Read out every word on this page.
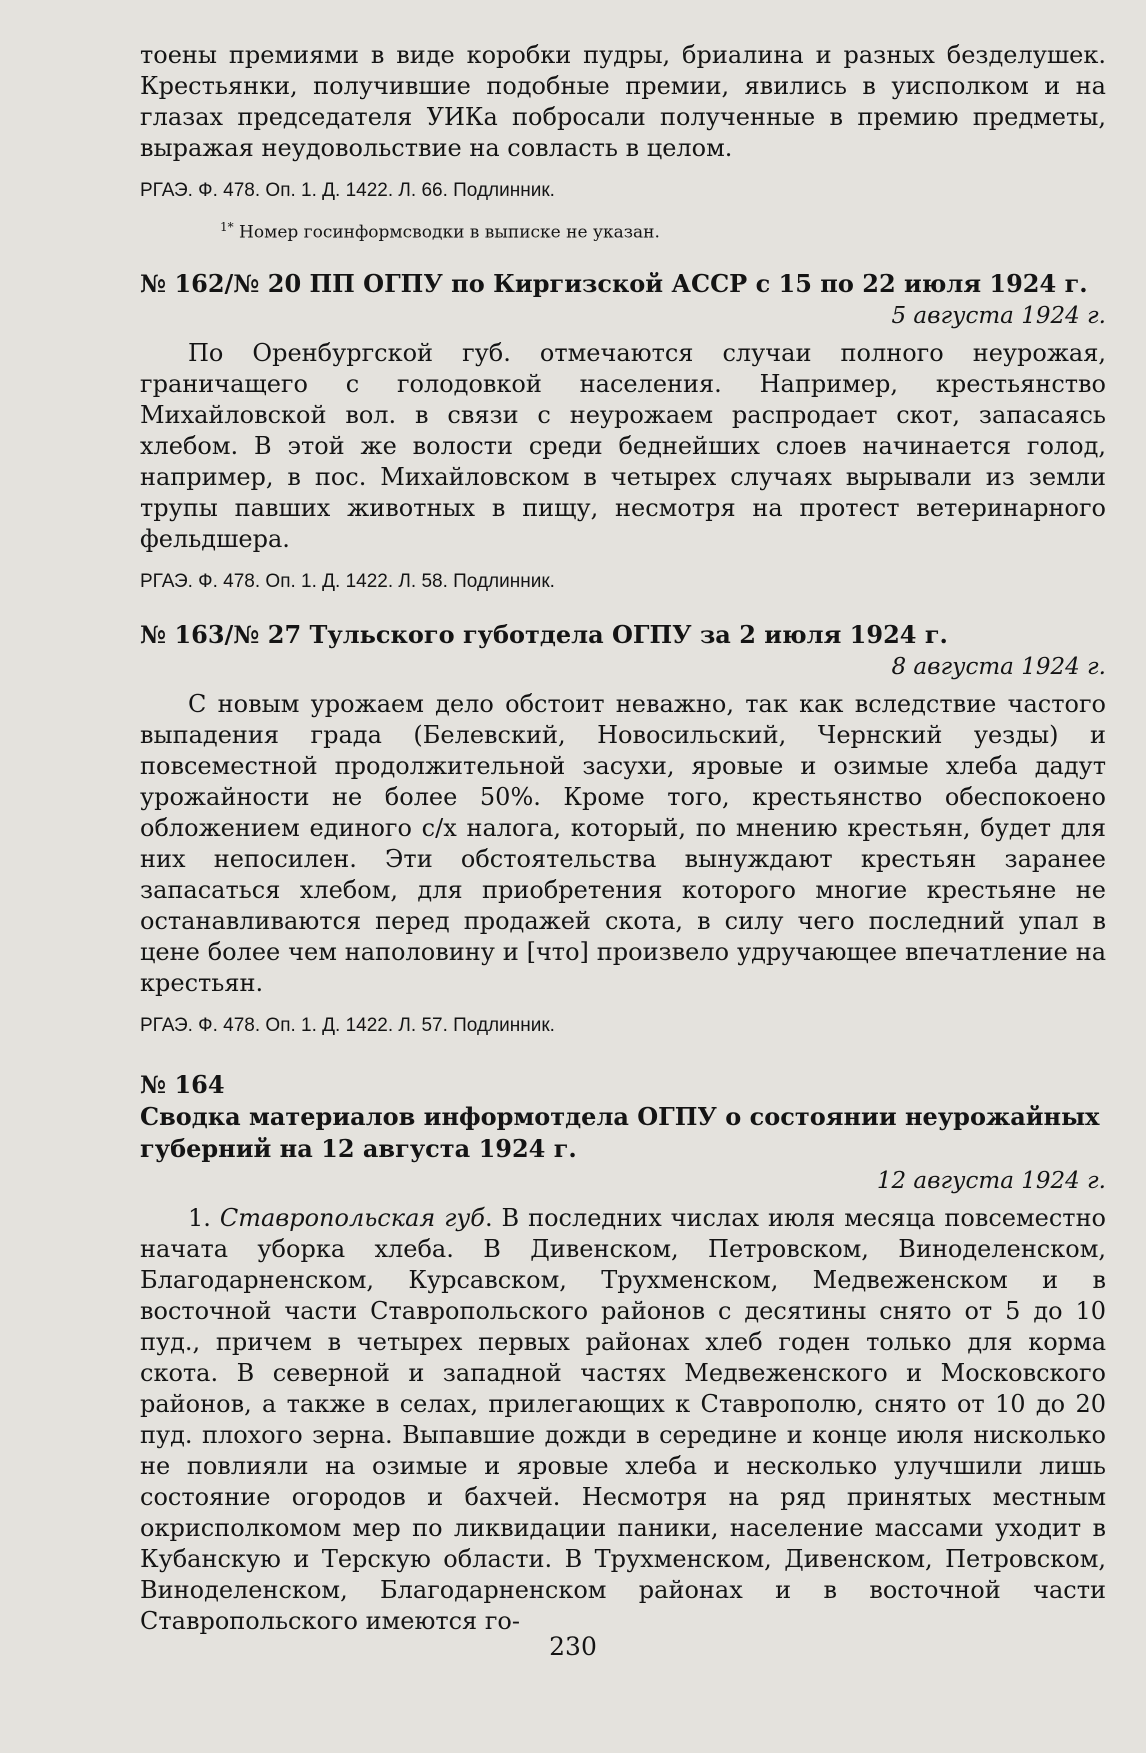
тоены премиями в виде коробки пудры, бриалина и разных безделушек. Крестьянки, получившие подобные премии, явились в уисполком и на глазах председателя УИКа побросали полученные в премию предметы, выражая неудовольствие на совласть в целом.

РГАЭ. Ф. 478. Оп. 1. Д. 1422. Л. 66. Подлинник.

$^{1*}$ Номер госинформсводки в выписке не указан.

№ 162/№ 20 ПП ОГПУ по Киргизской АССР с 15 по 22 июля 1924 г.

5 августа 1924 г.

По Оренбургской губ. отмечаются случаи полного неурожая, граничащего с голодовкой населения. Например, крестьянство Михайловской вол. в связи с неурожаем распродает скот, запасаясь хлебом. В этой же волости среди беднейших слоев начинается голод, например, в пос. Михайловском в четырех случаях вырывали из земли трупы павших животных в пищу, несмотря на протест ветеринарного фельдшера.

РГАЭ. Ф. 478. Оп. 1. Д. 1422. Л. 58. Подлинник.

№ 163/№ 27 Тульского губотдела ОГПУ за 2 июля 1924 г.

8 августа 1924 г.

С новым урожаем дело обстоит неважно, так как вследствие частого выпадения града (Белевский, Новосильский, Чернский уезды) и повсеместной продолжительной засухи, яровые и озимые хлеба дадут урожайности не более 50%. Кроме того, крестьянство обеспокоено обложением единого с/х налога, который, по мнению крестьян, будет для них непосилен. Эти обстоятельства вынуждают крестьян заранее запасаться хлебом, для приобретения которого многие крестьяне не останавливаются перед продажей скота, в силу чего последний упал в цене более чем наполовину и [что] произвело удручающее впечатление на крестьян.

РГАЭ. Ф. 478. Оп. 1. Д. 1422. Л. 57. Подлинник.

№ 164

Сводка материалов информотдела ОГПУ о состоянии неурожайных губерний на 12 августа 1924 г.

12 августа 1924 г.

1. Ставропольская губ. В последних числах июля месяца повсеместно начата уборка хлеба. В Дивенском, Петровском, Виноделенском, Благодарненском, Курсавском, Трухменском, Медвеженском и в восточной части Ставропольского районов с десятины снято от 5 до 10 пуд., причем в четырех первых районах хлеб годен только для корма скота. В северной и западной частях Медвеженского и Московского районов, а также в селах, прилегающих к Ставрополю, снято от 10 до 20 пуд. плохого зерна. Выпавшие дожди в середине и конце июля нисколько не повлияли на озимые и яровые хлеба и несколько улучшили лишь состояние огородов и бахчей. Несмотря на ряд принятых местным окрисполкомом мер по ликвидации паники, население массами уходит в Кубанскую и Терскую области. В Трухменском, Дивенском, Петровском, Виноделенском, Благодарненском районах и в восточной части Ставропольского имеются го-

230
